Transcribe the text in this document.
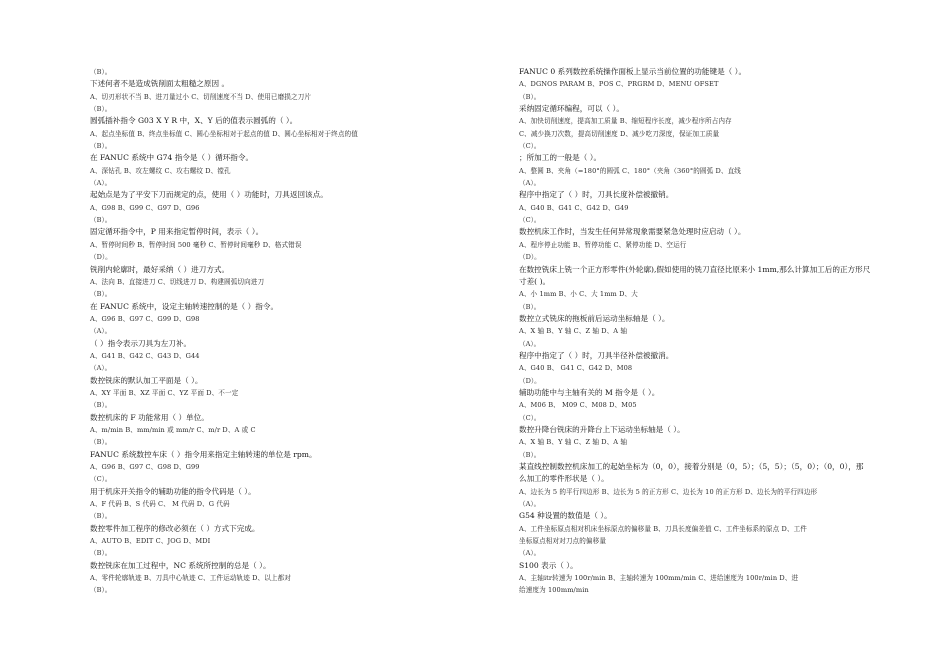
（B）。
下述何者不是造成铣削面太粗糙之原因 。
A、切刃形状不当 B、进刀量过小 C、切削速度不当 D、使用已磨损之刀片
（B）。
圆弧插补指令 G03 X Y R 中，X、Y 后的值表示圆弧的（ ）。
A、起点坐标值 B、终点坐标值 C、圆心坐标相对于起点的值 D、圆心坐标相对于终点的值
（B）。
在 FANUC 系统中 G74 指令是（ ）循环指令。
A、深钻孔 B、攻左螺纹 C、攻右螺纹 D、镗孔
（A）。
起始点是为了平安下刀而规定的点，使用（ ）功能时，刀具返回该点。
A、G98 B、G99 C、G97 D、G96
（B）。
固定循环指令中，P 用来指定暂停时间，表示（ ）。
A、暂停时间秒 B、暂停时间 500 毫秒 C、暂停时间毫秒 D、格式错误
（D）。
铣削内轮廓时，最好采纳（ ）进刀方式。
A、法向 B、直接进刀 C、切线进刀 D、构建圆弧切向进刀
（B）。
在 FANUC 系统中，设定主轴转速控制的是（ ）指令。
A、G96 B、G97 C、G99 D、G98
（A）。
（ ）指令表示刀具为左刀补。
A、G41 B、G42 C、G43 D、G44
（A）。
数控铣床的默认加工平面是（ ）。
A、XY 平面 B、XZ 平面 C、YZ 平面 D、不一定
（B）。
数控机床的 F 功能常用（ ）单位。
A、m/min B、mm/min 或 mm/r C、m/r D、A 或 C
（B）。
FANUC 系统数控车床（ ）指令用来指定主轴转速的单位是 rpm。
A、G96 B、G97 C、G98 D、G99
（C）。
用于机床开关指令的辅助功能的指令代码是（ ）。
A、F 代码 B、S 代码 C、 M 代码 D、G 代码
（B）。
数控零件加工程序的修改必须在（ ）方式下完成。
A、AUTO B、EDIT C、JOG D、MDI
（B）。
数控铣床在加工过程中，NC 系统所控制的总是（ ）。
A、零件轮廓轨迹 B、刀具中心轨迹 C、工件运动轨迹 D、以上都对
（B）。
FANUC 0 系列数控系统操作面板上显示当前位置的功能键是（ ）。
A、DGNOS PARAM B、POS C、PRGRM D、MENU OFSET
（B）。
采纳固定循环编程，可以（ ）。
A、加快切削速度，提高加工质量 B、缩短程序长度，减少程序所占内存
C、减少换刀次数，提高切削速度 D、减少吃刀深度，保证加工质量
（C）。
；所加工的一般是（ ）。
A、整圆 B、夹角（=180°的圆弧 C、180°（夹角（360°的圆弧 D、直线
（A）。
程序中指定了（ ）时，刀具长度补偿被撤销。
A、G40 B、G41 C、G42 D、G49
（C）。
数控机床工作时，当发生任何异常现象需要紧急处理时应启动（ ）。
A、程序停止功能 B、暂停功能 C、紧停功能 D、空运行
（D）。
在数控铣床上铣一个正方形零件(外轮廓),假如使用的铣刀直径比原来小 1mm,那么计算加工后的正方形尺
寸差( )。
A、小 1mm B、小 C、大 1mm D、大
（B）。
数控立式铣床的拖板前后运动坐标轴是（ ）。
A、X 轴 B、Y 轴 C、Z 轴 D、A 轴
（A）。
程序中指定了（ ）时，刀具半径补偿被撤消。
A、G40 B、 G41 C、G42 D、M08
（D）。
辅助功能中与主轴有关的 M 指令是（ ）。
A、M06 B、 M09 C、M08 D、M05
（C）。
数控升降台铣床的升降台上下运动坐标轴是（ ）。
A、X 轴 B、Y 轴 C、Z 轴 D、A 轴
（B）。
某直线控制数控机床加工的起始坐标为（0，0），接着分别是（0，5）；（5，5）；（5，0）；（0，0），那
么加工的零件形状是（ ）。
A、边长为 5 的平行四边形 B、边长为 5 的正方形 C、边长为 10 的正方形 D、边长为的平行四边形
（A）。
G54 种设置的数值是（ ）。
A、工件坐标原点相对机床坐标原点的偏移量 B、刀具长度偏差值 C、工件坐标系的原点 D、工件
坐标原点相对对刀点的偏移量
（A）。
S100 表示（ ）。
A、主轴itr转速为 100r/min B、主轴转速为 100mm/min C、进给速度为 100r/min D、进
给速度为 100mm/min
